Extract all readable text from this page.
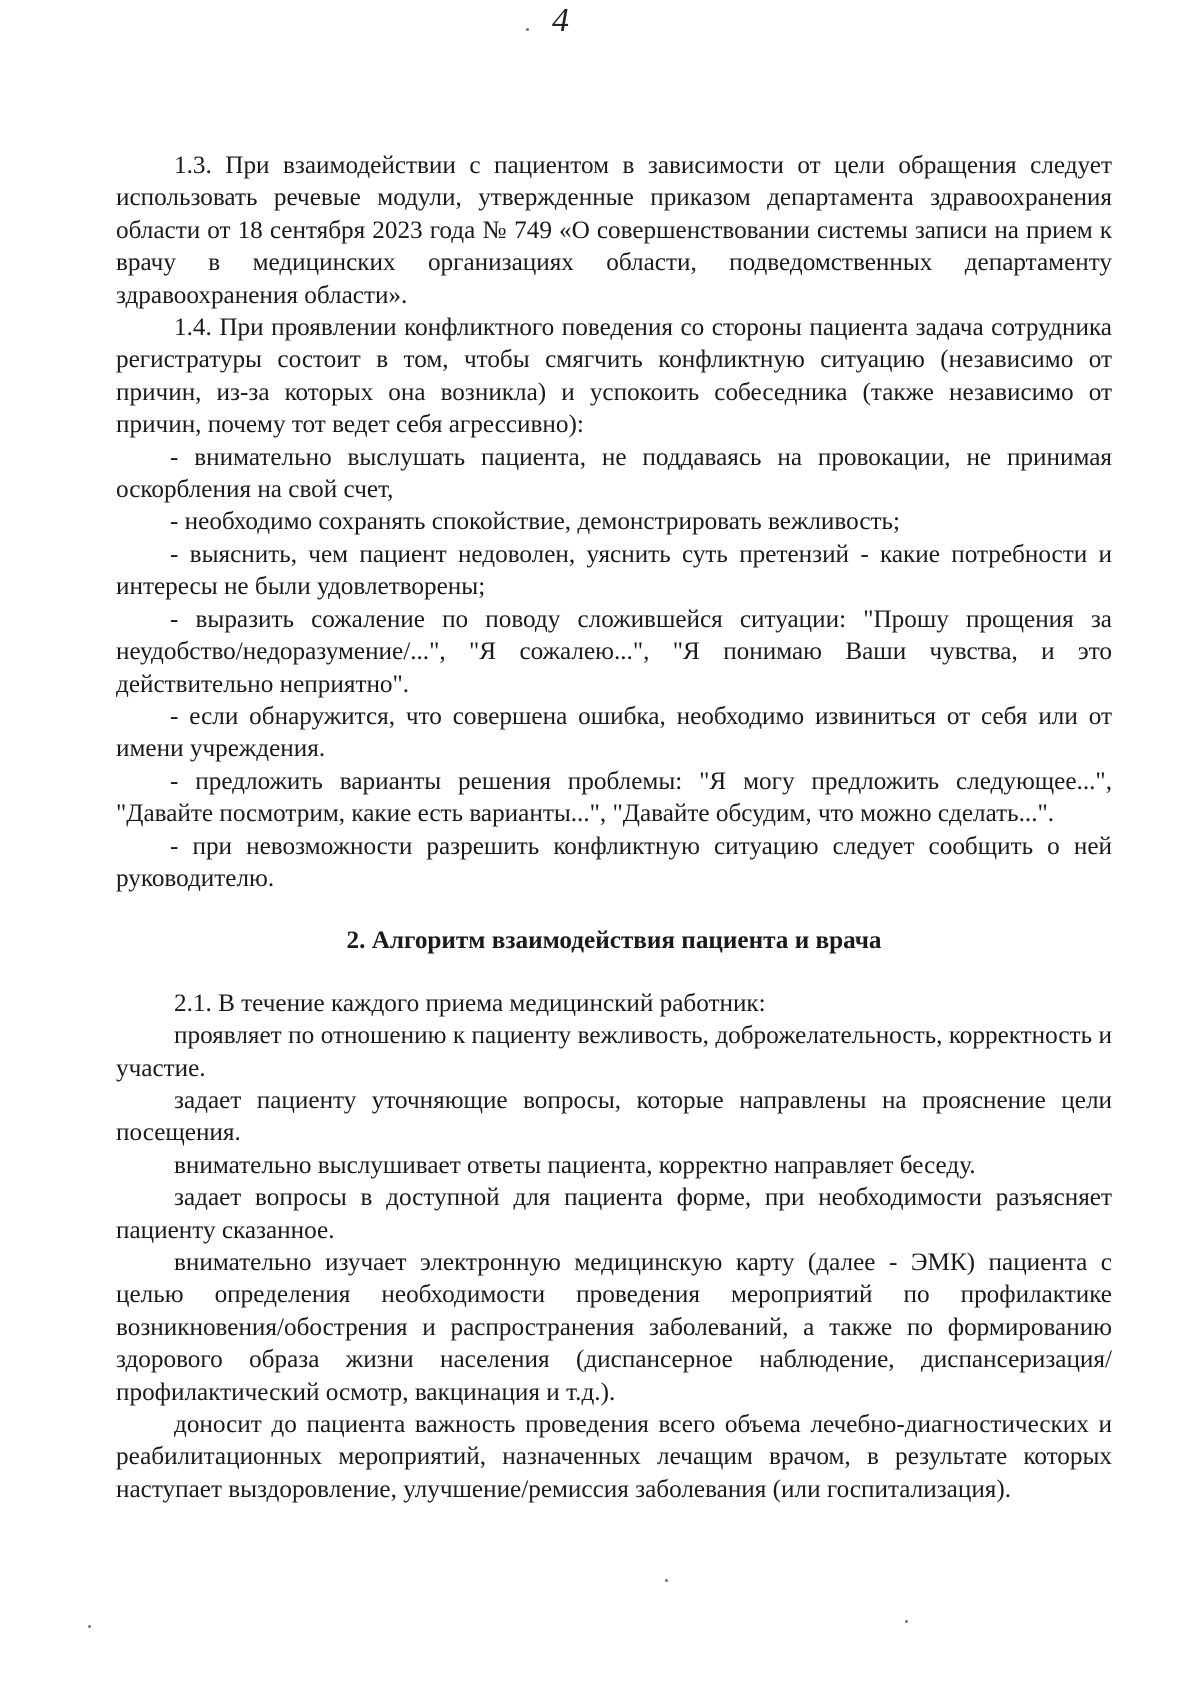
4

1.3. При взаимодействии с пациентом в зависимости от цели обращения следует использовать речевые модули, утвержденные приказом департамента здравоохранения области от 18 сентября 2023 года № 749 «О совершенствовании системы записи на прием к врачу в медицинских организациях области, подведомственных департаменту здравоохранения области».

1.4. При проявлении конфликтного поведения со стороны пациента задача сотрудника регистратуры состоит в том, чтобы смягчить конфликтную ситуацию (независимо от причин, из-за которых она возникла) и успокоить собеседника (также независимо от причин, почему тот ведет себя агрессивно):

- внимательно выслушать пациента, не поддаваясь на провокации, не принимая оскорбления на свой счет,

- необходимо сохранять спокойствие, демонстрировать вежливость;

- выяснить, чем пациент недоволен, уяснить суть претензий - какие потребности и интересы не были удовлетворены;

- выразить сожаление по поводу сложившейся ситуации: "Прошу прощения за неудобство/недоразумение/...", "Я сожалею...", "Я понимаю Ваши чувства, и это действительно неприятно".

- если обнаружится, что совершена ошибка, необходимо извиниться от себя или от имени учреждения.

- предложить варианты решения проблемы: "Я могу предложить следующее...", "Давайте посмотрим, какие есть варианты...", "Давайте обсудим, что можно сделать...".

- при невозможности разрешить конфликтную ситуацию следует сообщить о ней руководителю.

2. Алгоритм взаимодействия пациента и врача

2.1. В течение каждого приема медицинский работник:

проявляет по отношению к пациенту вежливость, доброжелательность, корректность и участие.

задает пациенту уточняющие вопросы, которые направлены на прояснение цели посещения.

внимательно выслушивает ответы пациента, корректно направляет беседу.

задает вопросы в доступной для пациента форме, при необходимости разъясняет пациенту сказанное.

внимательно изучает электронную медицинскую карту (далее - ЭМК) пациента с целью определения необходимости проведения мероприятий по профилактике возникновения/обострения и распространения заболеваний, а также по формированию здорового образа жизни населения (диспансерное наблюдение, диспансеризация/профилактический осмотр, вакцинация и т.д.).

доносит до пациента важность проведения всего объема лечебно-диагностических и реабилитационных мероприятий, назначенных лечащим врачом, в результате которых наступает выздоровление, улучшение/ремиссия заболевания (или госпитализация).
